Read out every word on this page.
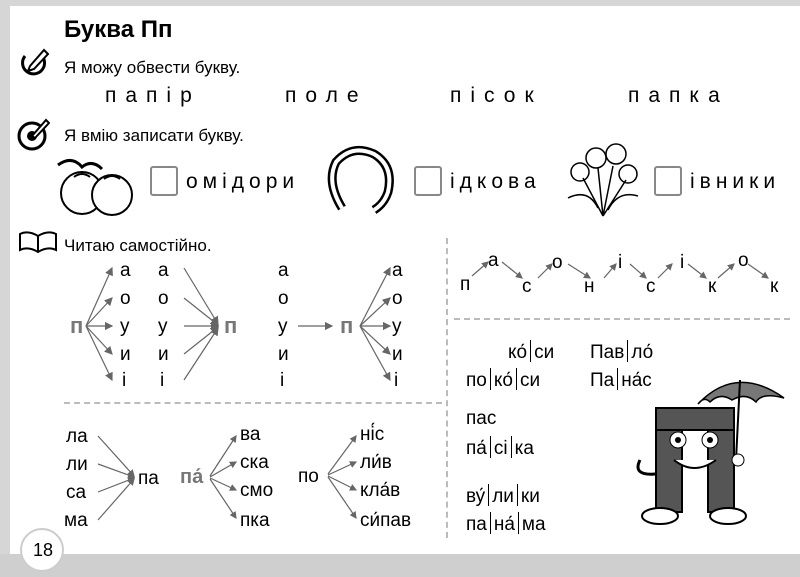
Буква Пп
Я можу обвести букву.
папір	поле	пісок	папка
Я вмію записати букву.
омідори	ідкова	івники
Читаю самостійно.
п
а
о
у
и
і
а
о
у
и
і
п
а
о
у
и
і
п
а
о
у
и
і
а	о	і	і	о
п	с	н	с	к	к
ла
ли
са
ма
па па́
ва
ска
смо
пка
по
ні́с
ли́в
кла́в
си́пав
ко́ си Пав ло́
по ко́ си	Па на́с
пас
па́ сі ка
ву́ ли ки
па на́ ма
18
